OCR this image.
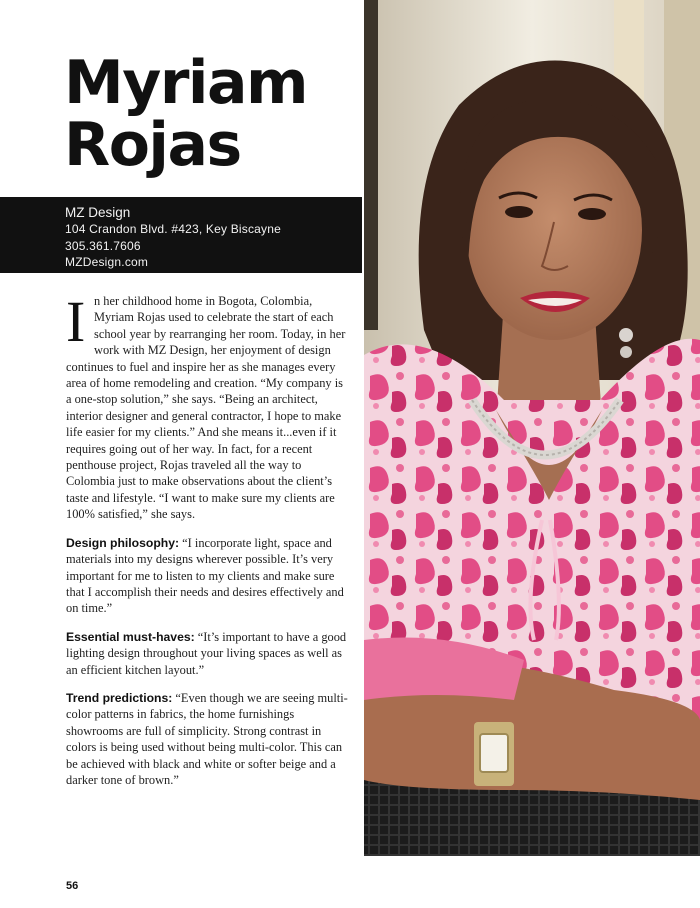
Myriam
Rojas
MZ Design
104 Crandon Blvd. #423, Key Biscayne
305.361.7606
MZDesign.com

I n her childhood home in Bogota, Colombia, Myriam Rojas used to celebrate the start of each school year by rearranging her room. Today, in her work with MZ Design, her enjoyment of design continues to fuel and inspire her as she manages every area of home remodeling and creation. “My company is a one-stop solution,” she says. “Being an architect, interior designer and general contractor, I hope to make life easier for my clients.” And she means it...even if it requires going out of her way. In fact, for a recent penthouse project, Rojas traveled all the way to Colombia just to make observations about the client’s taste and lifestyle. “I want to make sure my clients are 100% satisfied,” she says.

Design philosophy: “I incorporate light, space and materials into my designs wherever possible. It’s very important for me to listen to my clients and make sure that I accomplish their needs and desires effectively and on time.”

Essential must-haves: “It’s important to have a good lighting design throughout your living spaces as well as an efficient kitchen layout.”

Trend predictions: “Even though we are seeing multi-color patterns in fabrics, the home furnishings showrooms are full of simplicity. Strong contrast in colors is being used without being multi-color. This can be achieved with black and white or softer beige and a darker tone of brown.”

56
